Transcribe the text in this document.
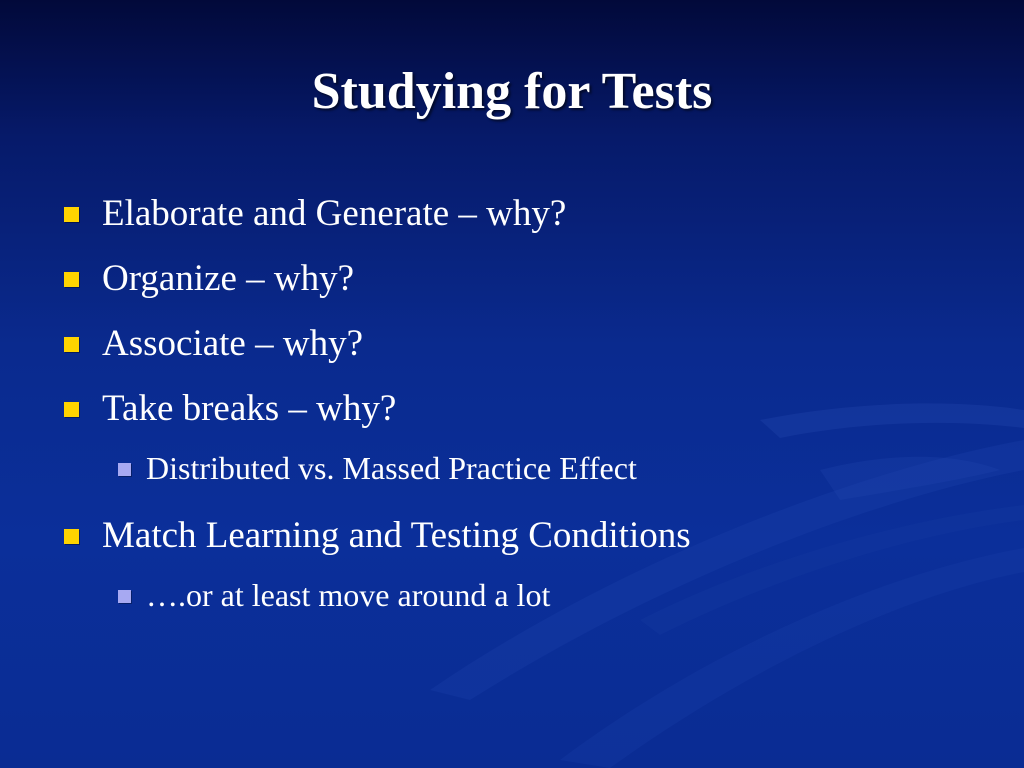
Studying for Tests
Elaborate and Generate – why?
Organize – why?
Associate – why?
Take breaks – why?
Distributed vs. Massed Practice Effect
Match Learning and Testing Conditions
….or at least move around a lot
